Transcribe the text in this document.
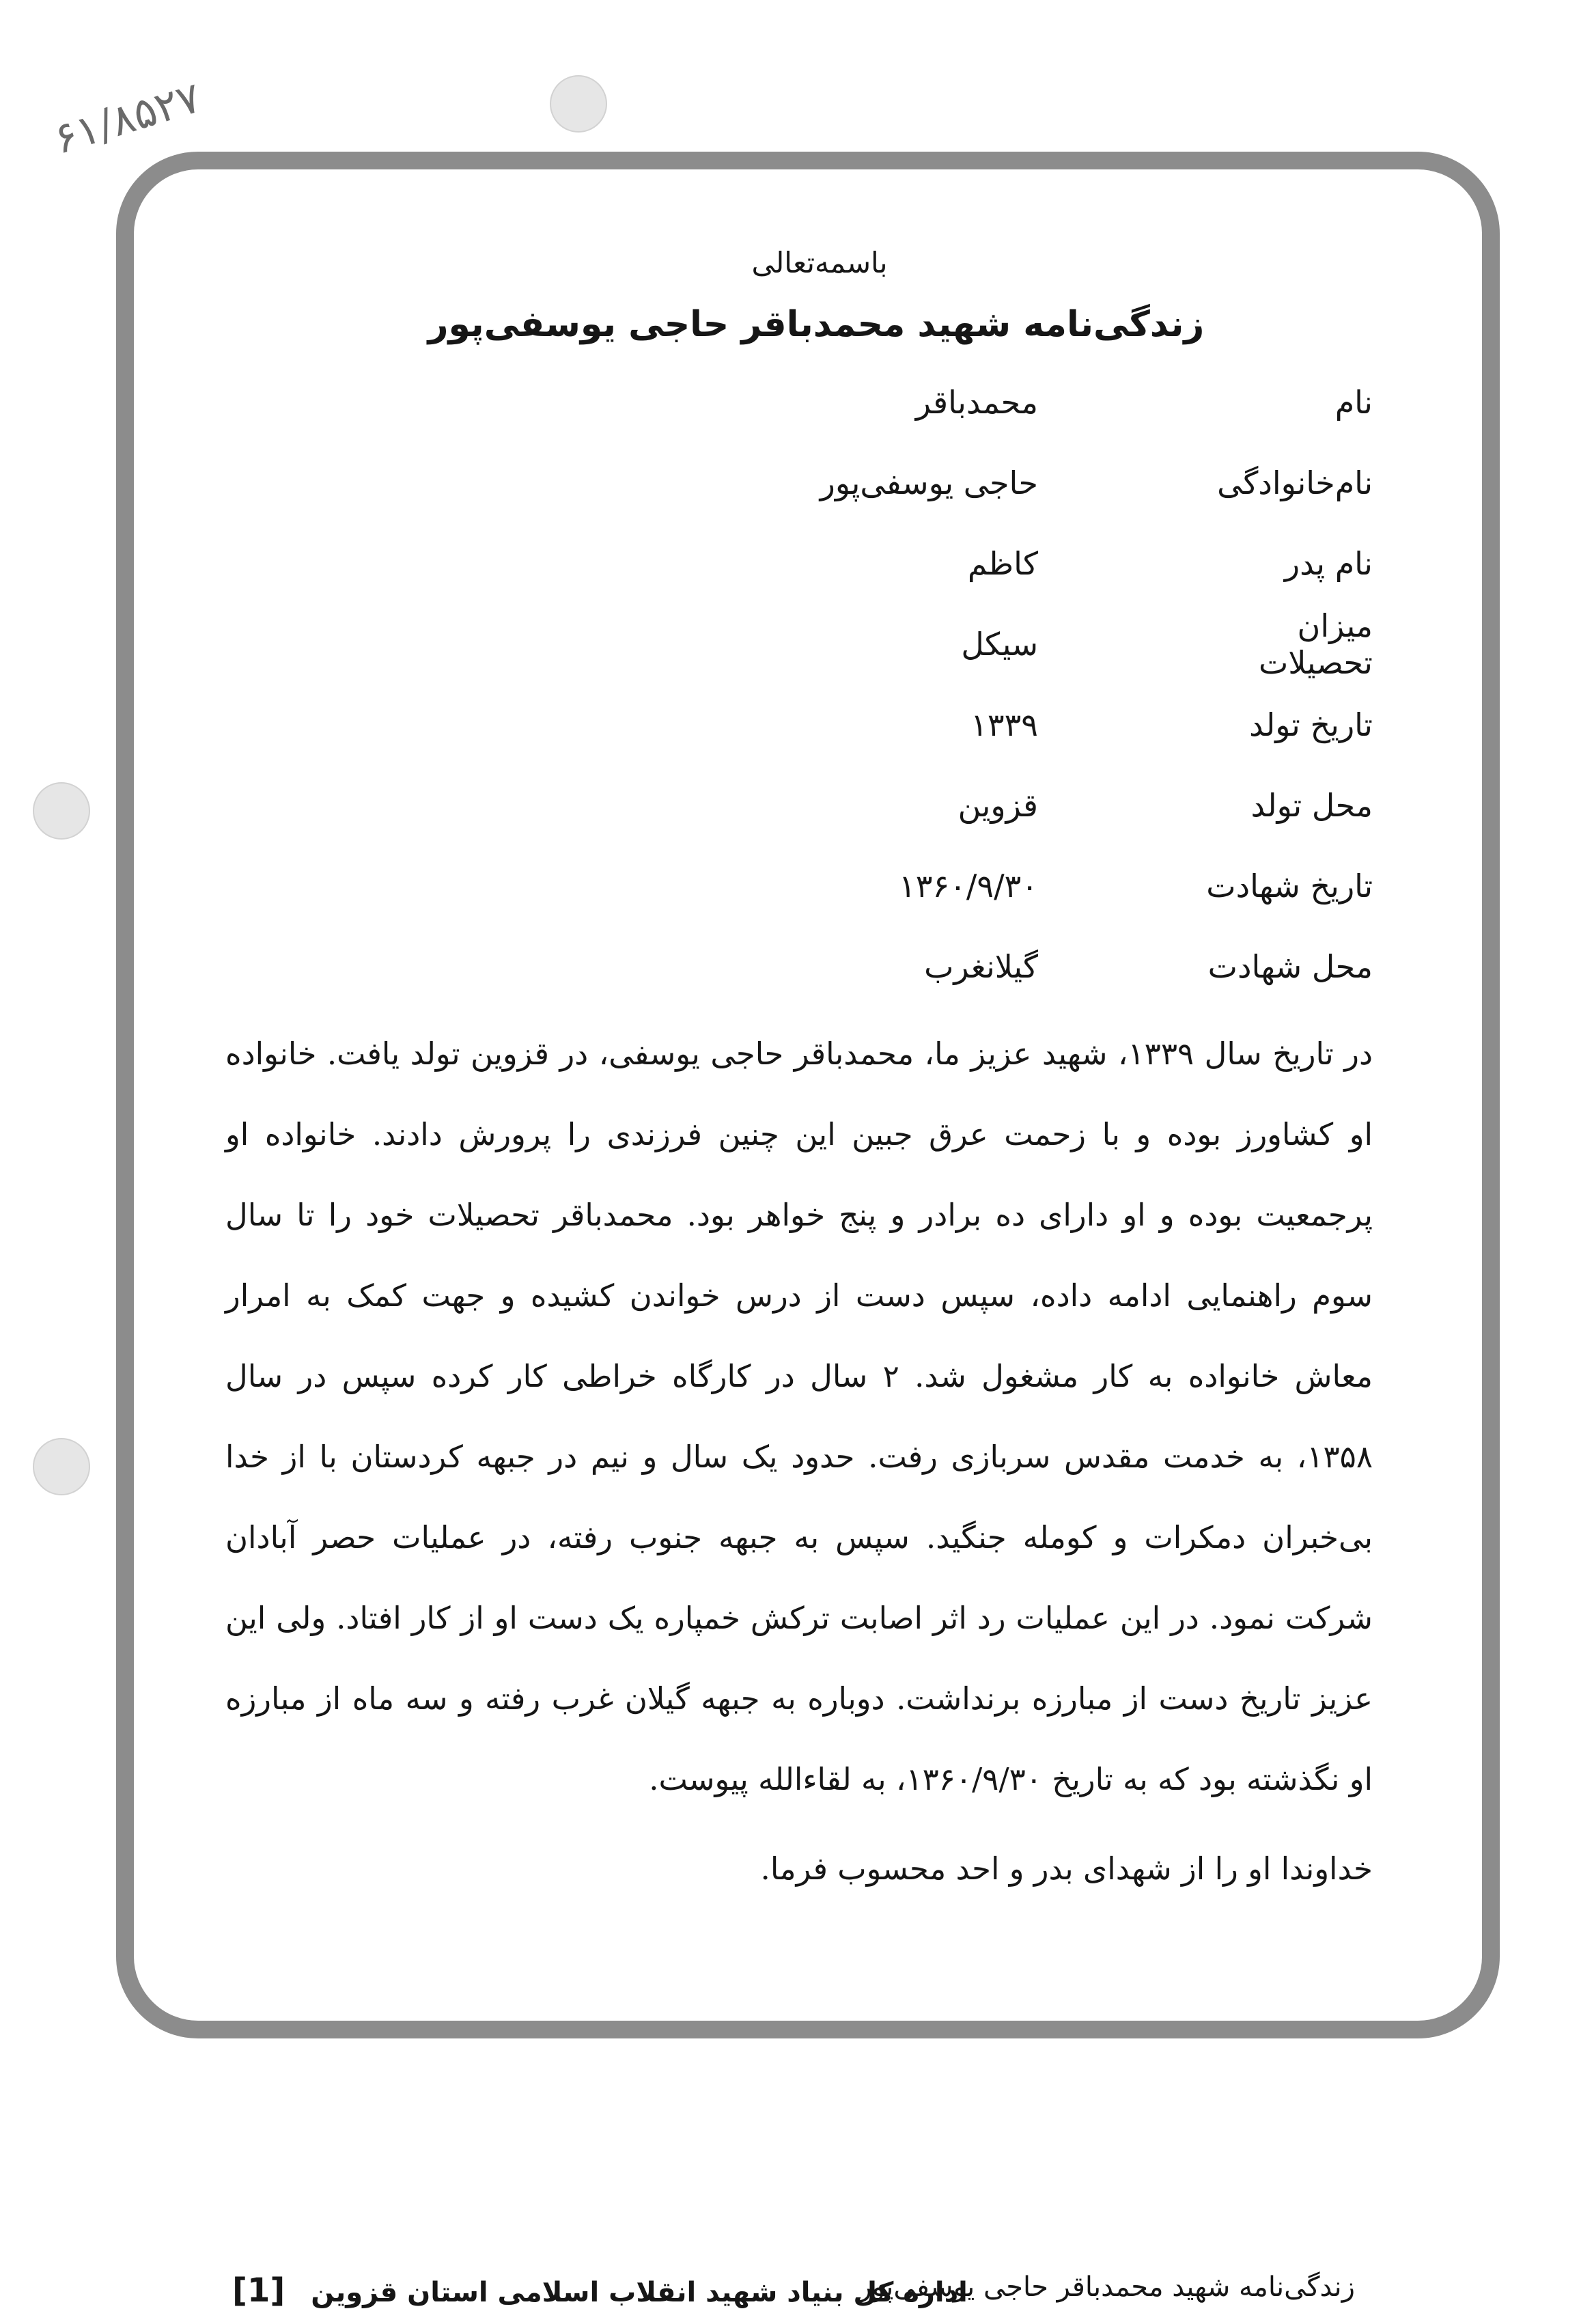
۶۱/۸۵۲۷
باسمه‌تعالی
زندگی‌نامه شهید محمدباقر حاجی یوسفی‌پور
نام
محمدباقر
نام‌خانوادگی
حاجی یوسفی‌پور
نام پدر
کاظم
میزان تحصیلات
سیکل
تاریخ تولد
۱۳۳۹
محل تولد
قزوین
تاریخ شهادت
۱۳۶۰/۹/۳۰
محل شهادت
گیلانغرب

در تاریخ سال ۱۳۳۹، شهید عزیز ما، محمدباقر حاجی یوسفی، در قزوین تولد یافت. خانواده او کشاورز بوده و با زحمت عرق جبین این چنین فرزندی را پرورش دادند. خانواده او پرجمعیت بوده و او دارای ده برادر و پنج خواهر بود. محمدباقر تحصیلات خود را تا سال سوم راهنمایی ادامه داده، سپس دست از درس خواندن کشیده و جهت کمک به امرار معاش خانواده به کار مشغول شد. ۲ سال در کارگاه خراطی کار کرده سپس در سال ۱۳۵۸، به خدمت مقدس سربازی رفت. حدود یک سال و نیم در جبهه کردستان با از خدا بی‌خبران دمکرات و کومله جنگید. سپس به جبهه جنوب رفته، در عملیات حصر آبادان شرکت نمود. در این عملیات رد اثر اصابت ترکش خمپاره یک دست او از کار افتاد. ولی این عزیز تاریخ دست از مبارزه برنداشت. دوباره به جبهه گیلان غرب رفته و سه ماه از مبارزه او نگذشته بود که به تاریخ ۱۳۶۰/۹/۳۰، به لقاءالله پیوست.

خداوندا او را از شهدای بدر و احد محسوب فرما.

زندگی‌نامه شهید محمدباقر حاجی یوسفی‌پور
اداره کل بنیاد شهید انقلاب اسلامی استان قزوین [1]
